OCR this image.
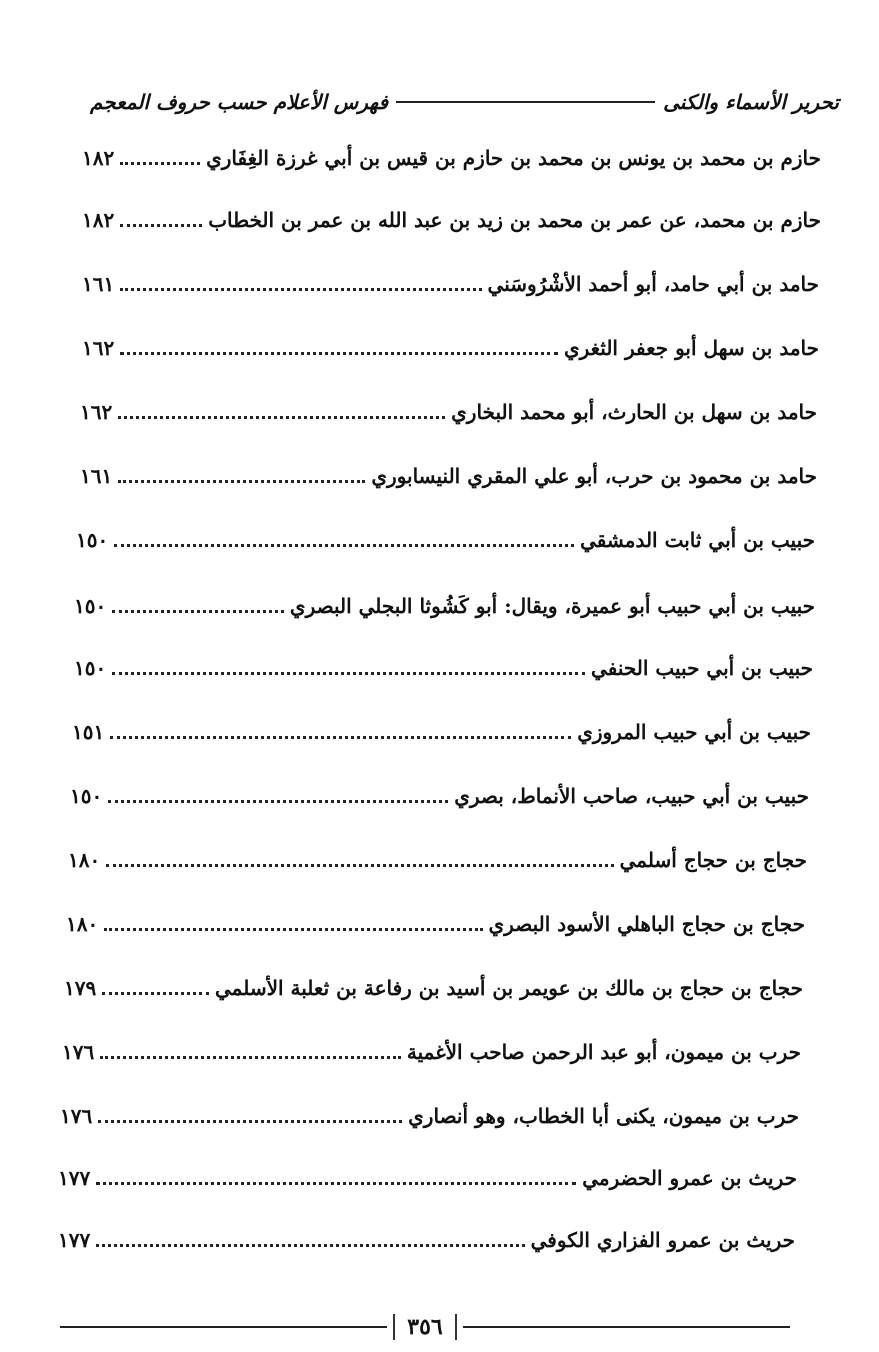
تحرير الأسماء والكنى
فهرس الأعلام حسب حروف المعجم
حازم بن محمد بن يونس بن محمد بن حازم بن قيس بن أبي غرزة الغِفَاري
١٨٢
حازم بن محمد، عن عمر بن محمد بن زيد بن عبد الله بن عمر بن الخطاب
١٨٢
حامد بن أبي حامد، أبو أحمد الأشْرُوسَني
١٦١
حامد بن سهل أبو جعفر الثغري
١٦٢
حامد بن سهل بن الحارث، أبو محمد البخاري
١٦٢
حامد بن محمود بن حرب، أبو علي المقري النيسابوري
١٦١
حبيب بن أبي ثابت الدمشقي
١٥٠
حبيب بن أبي حبيب أبو عميرة، ويقال: أبو كَشُوثا البجلي البصري
١٥٠
حبيب بن أبي حبيب الحنفي
١٥٠
حبيب بن أبي حبيب المروزي
١٥١
حبيب بن أبي حبيب، صاحب الأنماط، بصري
١٥٠
حجاج بن حجاج أسلمي
١٨٠
حجاج بن حجاج الباهلي الأسود البصري
١٨٠
حجاج بن حجاج بن مالك بن عويمر بن أسيد بن رفاعة بن ثعلبة الأسلمي
١٧٩
حرب بن ميمون، أبو عبد الرحمن صاحب الأغمية
١٧٦
حرب بن ميمون، يكنى أبا الخطاب، وهو أنصاري
١٧٦
حريث بن عمرو الحضرمي
١٧٧
حريث بن عمرو الفزاري الكوفي
١٧٧
٣٥٦
